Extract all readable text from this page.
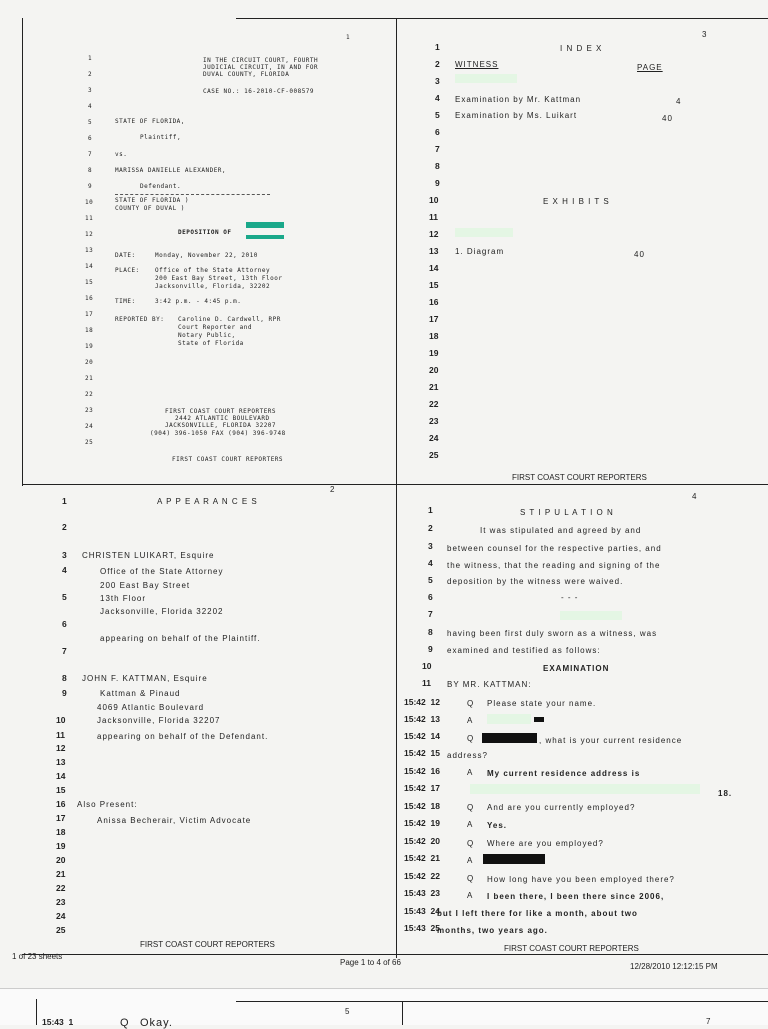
1
IN THE CIRCUIT COURT, FOURTH
JUDICIAL CIRCUIT, IN AND FOR
DUVAL COUNTY, FLORIDA
CASE NO.: 16-2010-CF-008579
STATE OF FLORIDA,
Plaintiff,
vs.
MARISSA DANIELLE ALEXANDER,
Defendant.
STATE OF FLORIDA )
COUNTY OF DUVAL )
DEPOSITION OF
DATE:	Monday, November 22, 2010
PLACE:	Office of the State Attorney
200 East Bay Street, 13th Floor
Jacksonville, Florida, 32202
TIME:	3:42 p.m. - 4:45 p.m.
REPORTED BY: Caroline D. Cardwell, RPR
Court Reporter and
Notary Public,
State of Florida
FIRST COAST COURT REPORTERS
2442 ATLANTIC BOULEVARD
JACKSONVILLE, FLORIDA 32207
(904) 396-1050 FAX (904) 396-9748
FIRST COAST COURT REPORTERS
1
2
3
4
5
6
7
8
9
10
11
12
13
14
15
16
17
18
19
20
21
22
23
24
25
3
I N D E X
WITNESS	PAGE
Examination by Mr. Kattman	4
Examination by Ms. Luikart	40
E X H I B I T S
1. Diagram	40
FIRST COAST COURT REPORTERS
1
2
3
4
5
6
7
8
9
10
11
12
13
14
15
16
17
18
19
20
21
22
23
24
25
2
A P P E A R A N C E S
CHRISTEN LUIKART, Esquire
Office of the State Attorney
200 East Bay Street
13th Floor
Jacksonville, Florida 32202
appearing on behalf of the Plaintiff.
JOHN F. KATTMAN, Esquire
Kattman & Pinaud
4069 Atlantic Boulevard
Jacksonville, Florida 32207
appearing on behalf of the Defendant.
Also Present:
Anissa Becherair, Victim Advocate
FIRST COAST COURT REPORTERS
1
2
3
4
5
6
7
8
9
10
11
12
13
14
15
16
17
18
19
20
21
22
23
24
25
4
S T I P U L A T I O N
It was stipulated and agreed by and
between counsel for the respective parties, and
the witness, that the reading and signing of the
deposition by the witness were waived.
- - -
having been first duly sworn as a witness, was
examined and testified as follows:
EXAMINATION
BY MR. KATTMAN:
Q Please state your name.
A
Q	, what is your current residence
address?
A My current residence address is
18.
Q And are you currently employed?
A Yes.
Q Where are you employed?
A
Q How long have you been employed there?
A I been there, I been there since 2006,
but I left there for like a month, about two
months, two years ago.
FIRST COAST COURT REPORTERS
1
2
3
4
5
6
7
8
9
10
11
15:42  12
15:42  13
15:42  14
15:42  15
15:42  16
15:42  17
15:42  18
15:42  19
15:42  20
15:42  21
15:42  22
15:43  23
15:43  24
15:43  25
1 of 23 sheets
Page 1 to 4 of 66	12/28/2010 12:12:15 PM
5
7
15:43 1	Q Okay.
